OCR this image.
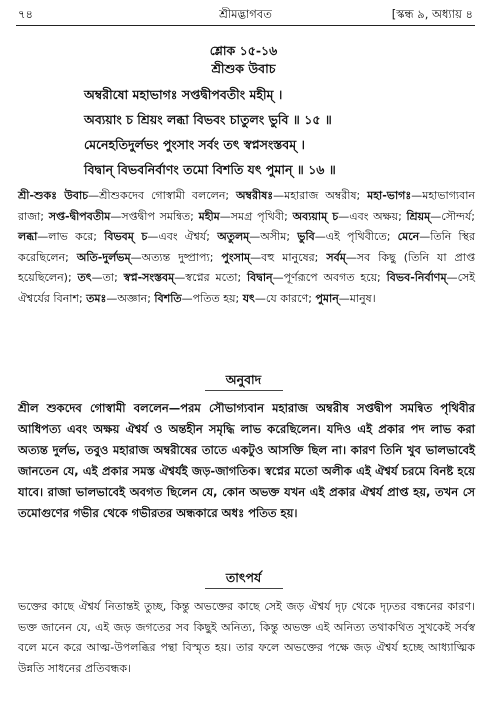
৭৪	শ্রীমদ্ভাগবত	[স্কন্ধ ৯, অধ্যায় ৪
শ্লোক ১৫-১৬
শ্রীশুক উবাচ
অম্বরীষো মহাভাগঃ সপ্তদ্বীপবতীং মহীম্ ।
অব্যয়াং চ শ্রিয়ং লব্ধা বিভবং চাতুলং ভুবি ॥ ১৫ ॥
মেনেহতিদুর্লভং পুংসাং সর্বং তৎ স্বপ্নসংস্তবম্ ।
বিদ্বান্ বিভবনির্বাণং তমো বিশতি যৎ পুমান্ ॥ ১৬ ॥
শ্রী-শুকঃ উবাচ—শ্রীশুকদেব গোস্বামী বললেন; অম্বরীষঃ—মহারাজ অম্বরীষ; মহা-ভাগঃ—মহাভাগ্যবান রাজা; সপ্ত-দ্বীপবতীম—সপ্তদ্বীপ সমন্বিত; মহীম—সমগ্র পৃথিবী; অব্যয়াম্ চ—এবং অক্ষয়; শ্রিয়ম্—সৌন্দর্য; লব্ধা—লাভ করে; বিভবম্ চ—এবং ঐশ্বর্য; অতুলম্—অসীম; ভুবি—এই পৃথিবীতে; মেনে—তিনি স্থির করেছিলেন; অতি-দুর্লভম্—অত্যন্ত দুষ্প্রাপ্য; পুংসাম্—বহু মানুষের; সর্বম্—সব কিছু (তিনি যা প্রাপ্ত হয়েছিলেন); তৎ—তা; স্বপ্ন-সংস্তবম্—স্বপ্নের মতো; বিদ্বান্—পূর্ণরূপে অবগত হয়ে; বিভব-নির্বাণম্—সেই ঐশ্বর্যের বিনাশ; তমঃ—অজ্ঞান; বিশতি—পতিত হয়; যৎ—যে কারণে; পুমান্—মানুষ।
অনুবাদ
শ্রীল শুকদেব গোস্বামী বললেন—পরম সৌভাগ্যবান মহারাজ অম্বরীষ সপ্তদ্বীপ সমন্বিত পৃথিবীর আধিপত্য এবং অক্ষয় ঐশ্বর্য ও অন্তহীন সমৃদ্ধি লাভ করেছিলেন। যদিও এই প্রকার পদ লাভ করা অত্যন্ত দুর্লভ, তবুও মহারাজ অম্বরীষের তাতে একটুও আসক্তি ছিল না। কারণ তিনি খুব ভালভাবেই জানতেন যে, এই প্রকার সমস্ত ঐশ্বর্যই জড়-জাগতিক। স্বপ্নের মতো অলীক এই ঐশ্বর্য চরমে বিনষ্ট হয়ে যাবে। রাজা ভালভাবেই অবগত ছিলেন যে, কোন অভক্ত যখন এই প্রকার ঐশ্বর্য প্রাপ্ত হয়, তখন সে তমোগুণের গভীর থেকে গভীরতর অন্ধকারে অধঃ পতিত হয়।
তাৎপর্য
ভক্তের কাছে ঐশ্বর্য নিতান্তই তুচ্ছ, কিন্তু অভক্তের কাছে সেই জড় ঐশ্বর্য দৃঢ় থেকে দৃঢ়তর বন্ধনের কারণ। ভক্ত জানেন যে, এই জড় জগতের সব কিছুই অনিত্য, কিন্তু অভক্ত এই অনিত্য তথাকথিত সুখকেই সর্বস্ব বলে মনে করে আত্ম-উপলব্ধির পন্থা বিস্মৃত হয়। তার ফলে অভক্তের পক্ষে জড় ঐশ্বর্য হচ্ছে আধ্যাত্মিক উন্নতি সাধনের প্রতিবন্ধক।
